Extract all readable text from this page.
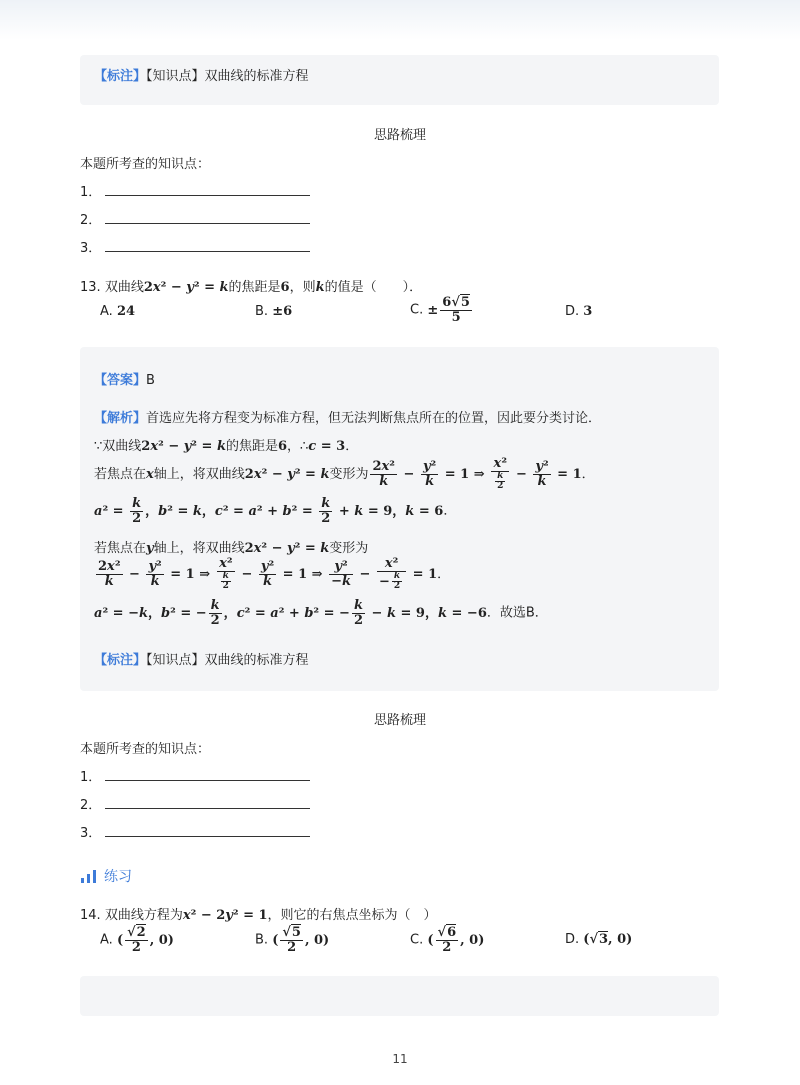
【标注】【知识点】双曲线的标准方程
思路梳理
本题所考查的知识点：
1．
2．
3．
13. 双曲线2x² − y² = k的焦距是6，则k的值是（　　）．
A. 24	B. ±6	C. ± $\frac{6√5}{5}$	D. 3
【答案】B
【解析】首选应先将方程变为标准方程，但无法判断焦点所在的位置，因此要分类讨论．
∵双曲线2x² − y² = k的焦距是6，∴c = 3．
若焦点在x轴上，将双曲线2x² − y² = k变形为 $\frac{\text{2x²}}{k} - \frac{\text{y²}}{k} = 1$ ⇒ $\frac{\text{x²}}{\frac{k}{2}} - \frac{\text{y²}}{k} = 1$．
$a^2 = \frac{k}{2}$ ，b² = k，$c^2 = a^2 + b^2 = \frac{k}{2} + k = 9$，k = 6．
若焦点在y轴上，将双曲线2x² − y² = k变形为
$\frac{\text{2x²}}{k} - \frac{\text{y²}}{k} = 1$ ⇒ $\frac{\text{x²}}{\frac{k}{2}} - \frac{\text{y²}}{k} = 1$ ⇒ $\frac{\text{y²}}{-k} - \frac{\text{x²}}{- \frac{k}{2}} = 1$．
a² = −k，b² = − $\frac{k}{2}$ ，c² = a² + b² = − $\frac{k}{2} - k = 9$，k = −6．故选B．
【标注】【知识点】双曲线的标准方程
思路梳理
本题所考查的知识点：
1．
2．
3．
练习
14. 双曲线方程为x² − 2y² = 1，则它的右焦点坐标为（　）
A. ( $\frac{√2}{2}$ , 0)	B. ( $\frac{√5}{2}$ , 0)	C. ( $\frac{√6}{2}$ , 0)	D. (√3, 0)
11
